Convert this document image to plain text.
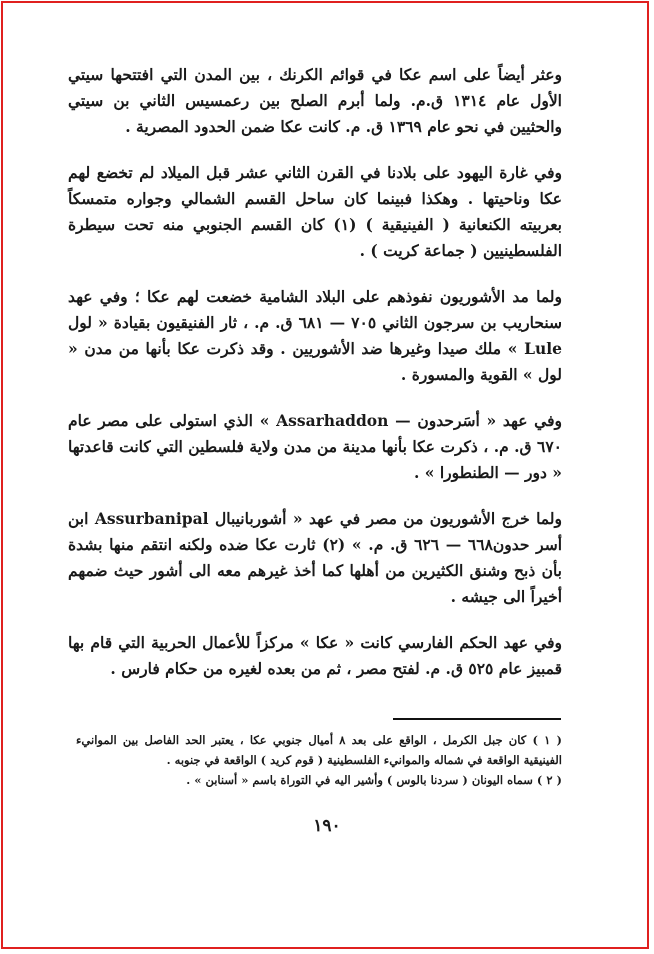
وعثر أيضاً على اسم عكا في قوائم الكرنك ، بين المدن التي افتتحها سيتي الأول عام ١٣١٤ ق.م. ولما أبرم الصلح بين رعمسيس الثاني بن سيتي والحثيين في نحو عام ١٣٦٩ ق. م. كانت عكا ضمن الحدود المصرية .

وفي غارة اليهود على بلادنا في القرن الثاني عشر قبل الميلاد لم تخضع لهم عكا وناحيتها . وهكذا فبينما كان ساحل القسم الشمالي وجواره متمسكاً بعربيته الكنعانية ( الفينيقية ) (١) كان القسم الجنوبي منه تحت سيطرة الفلسطينيين ( جماعة كريت ) .

ولما مد الأشوريون نفوذهم على البلاد الشامية خضعت لهم عكا ؛ وفي عهد سنحاريب بن سرجون الثاني ٧٠٥ — ٦٨١ ق. م. ، ثار الفنيقيون بقيادة « لول Lule » ملك صيدا وغيرها ضد الأشوريين . وقد ذكرت عكا بأنها من مدن « لول » القوية والمسورة .

وفي عهد « أسَرحدون — Assarhaddon » الذي استولى على مصر عام ٦٧٠ ق. م. ، ذكرت عكا بأنها مدينة من مدن ولاية فلسطين التي كانت قاعدتها « دور — الطنطورا » .

ولما خرج الأشوريون من مصر في عهد « أشوربانيبال Assurbanipal ابن أسر حدون٦٦٨ — ٦٢٦ ق. م. » (٢) ثارت عكا ضده ولكنه انتقم منها بشدة بأن ذبح وشنق الكثيرين من أهلها كما أخذ غيرهم معه الى أشور حيث ضمهم أخيراً الى جيشه .

وفي عهد الحكم الفارسي كانت « عكا » مركزاً للأعمال الحربية التي قام بها قمبيز عام ٥٢٥ ق. م. لفتح مصر ، ثم من بعده لغيره من حكام فارس .

( ١ ) كان جبل الكرمل ، الواقع على بعد ٨ أميال جنوبي عكا ، يعتبر الحد الفاصل بين الموانيء الفينيقية الواقعة في شماله والموانيء الفلسطينية ( قوم كريد ) الواقعة في جنوبه .

( ٢ ) سماه اليونان ( سردنا بالوس ) وأشير اليه في التوراة باسم « أسنابن » .

١٩٠
